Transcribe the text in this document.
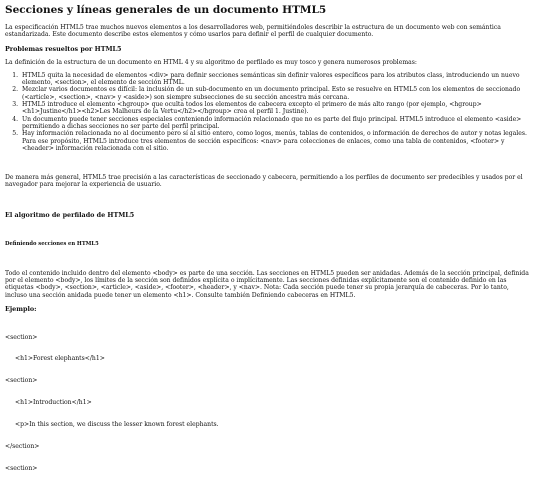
Secciones y líneas generales de un documento HTML5

La especificación HTML5 trae muchos nuevos elementos a los desarrolladores web, permitiéndoles describir la estructura de un documento web con semántica estandarizada. Este documento describe estos elementos y cómo usarlos para definir el perfil de cualquier documento.

Problemas resueltos por HTML5

La definición de la estructura de un documento en HTML 4 y su algoritmo de perfilado es muy tosco y genera numerosos problemas:

1. HTML5 quita la necesidad de elementos <div> para definir secciones semánticas sin definir valores específicos para los atributos class, introduciendo un nuevo elemento, <section>, el elemento de sección HTML.
2. Mezclar varios documentos es difícil: la inclusión de un sub-documento en un documento principal. Esto se resuelve en HTML5 con los elementos de seccionado (<article>, <section>, <nav> y <aside>) son siempre subsecciones de su sección ancestra más cercana.
3. HTML5 introduce el elemento <hgroup> que oculta todos los elementos de cabecera excepto el primero de más alto rango (por ejemplo, <hgroup><h1>Justine</h1><h2>Les Malheurs de la Vertu</h2></hgroup> crea el perfil 1. Justine).
4. Un documento puede tener secciones especiales conteniendo información relacionado que no es parte del flujo principal. HTML5 introduce el elemento <aside> permitiendo a dichas secciones no ser parte del perfil principal.
5. Hay información relacionada no al documento pero sí al sitio entero, como logos, menús, tablas de contenidos, o información de derechos de autor y notas legales. Para ese propósito, HTML5 introduce tres elementos de sección específicos: <nav> para colecciones de enlaces, como una tabla de contenidos, <footer> y <header> información relacionada con el sitio.

De manera más general, HTML5 trae precisión a las características de seccionado y cabecera, permitiendo a los perfiles de documento ser predecibles y usados por el navegador para mejorar la experiencia de usuario.

El algoritmo de perfilado de HTML5
Definiendo secciones en HTML5

Todo el contenido incluido dentro del elemento <body> es parte de una sección. Las secciones en HTML5 pueden ser anidadas. Además de la sección principal, definida por el elemento <body>, los límites de la sección son definidos explícita o implícitamente. Las secciones definidas explícitamente son el contenido definido en las etiquetas <body>, <section>, <article>, <aside>, <footer>, <header>, y <nav>. Nota: Cada sección puede tener su propia jerarquía de cabeceras. Por lo tanto, incluso una sección anidada puede tener un elemento <h1>. Consulte también Definiendo cabeceras en HTML5.

Ejemplo:

<section>

<h1>Forest elephants</h1>

<section>

<h1>Introduction</h1>

<p>In this section, we discuss the lesser known forest elephants.

</section>

<section>
